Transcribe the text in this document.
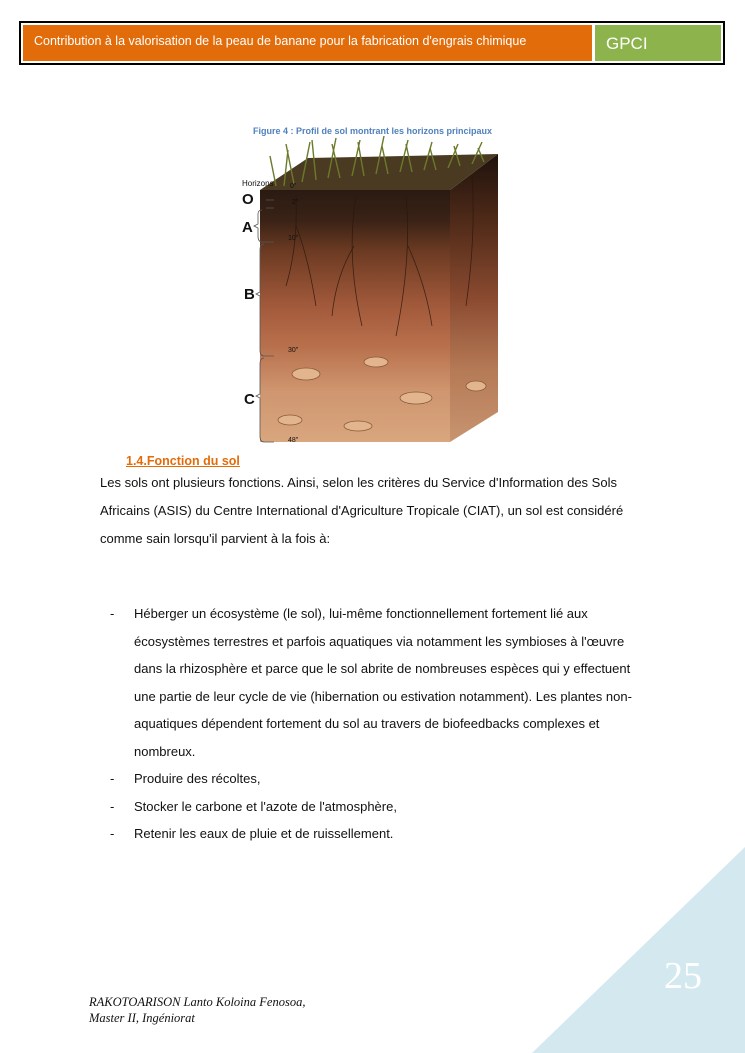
Contribution à la valorisation de la peau de banane pour la fabrication d'engrais chimique	GPCI
Figure 4 : Profil de sol montrant les horizons principaux
Horizons
O
A
B
C
0"
2"
10"
30"
48"
1.4.Fonction du sol

Les sols ont plusieurs fonctions. Ainsi, selon les critères du Service d'Information des Sols Africains (ASIS) du Centre International d'Agriculture Tropicale (CIAT), un sol est considéré comme sain lorsqu'il parvient à la fois à:

- Héberger un écosystème (le sol), lui-même fonctionnellement fortement lié aux écosystèmes terrestres et parfois aquatiques via notamment les symbioses à l'œuvre dans la rhizosphère et parce que le sol abrite de nombreuses espèces qui y effectuent une partie de leur cycle de vie (hibernation ou estivation notamment). Les plantes non-aquatiques dépendent fortement du sol au travers de biofeedbacks complexes et nombreux.
- Produire des récoltes,
- Stocker le carbone et l'azote de l'atmosphère,
- Retenir les eaux de pluie et de ruissellement.
RAKOTOARISON Lanto Koloina Fenosoa,
Master II, Ingéniorat
25
